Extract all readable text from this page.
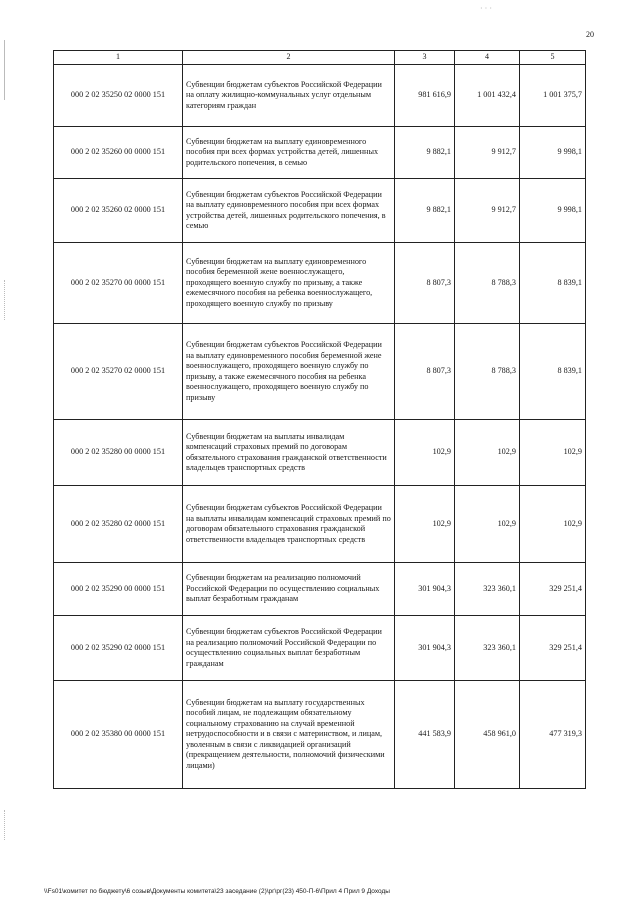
· · ·
20
1	2	3	4	5
000 2 02 35250 02 0000 151	Субвенции бюджетам субъектов Российской Федерации на оплату жилищно-коммунальных услуг отдельным категориям граждан	981 616,9	1 001 432,4	1 001 375,7
000 2 02 35260 00 0000 151	Субвенции бюджетам на выплату единовременного пособия при всех формах устройства детей, лишенных родительского попечения, в семью	9 882,1	9 912,7	9 998,1
000 2 02 35260 02 0000 151	Субвенции бюджетам субъектов Российской Федерации на выплату единовременного пособия при всех формах устройства детей, лишенных родительского попечения, в семью	9 882,1	9 912,7	9 998,1
000 2 02 35270 00 0000 151	Субвенции бюджетам на выплату единовременного пособия беременной жене военнослужащего, проходящего военную службу по призыву, а также ежемесячного пособия на ребенка военнослужащего, проходящего военную службу по призыву	8 807,3	8 788,3	8 839,1
000 2 02 35270 02 0000 151	Субвенции бюджетам субъектов Российской Федерации на выплату единовременного пособия беременной жене военнослужащего, проходящего военную службу по призыву, а также ежемесячного пособия на ребенка военнослужащего, проходящего военную службу по призыву	8 807,3	8 788,3	8 839,1
000 2 02 35280 00 0000 151	Субвенции бюджетам на выплаты инвалидам компенсаций страховых премий по договорам обязательного страхования гражданской ответственности владельцев транспортных средств	102,9	102,9	102,9
000 2 02 35280 02 0000 151	Субвенции бюджетам субъектов Российской Федерации на выплаты инвалидам компенсаций страховых премий по договорам обязательного страхования гражданской ответственности владельцев транспортных средств	102,9	102,9	102,9
000 2 02 35290 00 0000 151	Субвенции бюджетам на реализацию полномочий Российской Федерации по осуществлению социальных выплат безработным гражданам	301 904,3	323 360,1	329 251,4
000 2 02 35290 02 0000 151	Субвенции бюджетам субъектов Российской Федерации на реализацию полномочий Российской Федерации по осуществлению социальных выплат безработным гражданам	301 904,3	323 360,1	329 251,4
000 2 02 35380 00 0000 151	Субвенции бюджетам на выплату государственных пособий лицам, не подлежащим обязательному социальному страхованию на случай временной нетрудоспособности и в связи с материнством, и лицам, уволенным в связи с ликвидацией организаций (прекращением деятельности, полномочий физическими лицами)	441 583,9	458 961,0	477 319,3
\\Fs01\комитет по бюджету\6 созыв\Документы комитета\23 заседание (2)\рг\рг(23) 450-П-6\Прил 4 Прил 9 Доходы
